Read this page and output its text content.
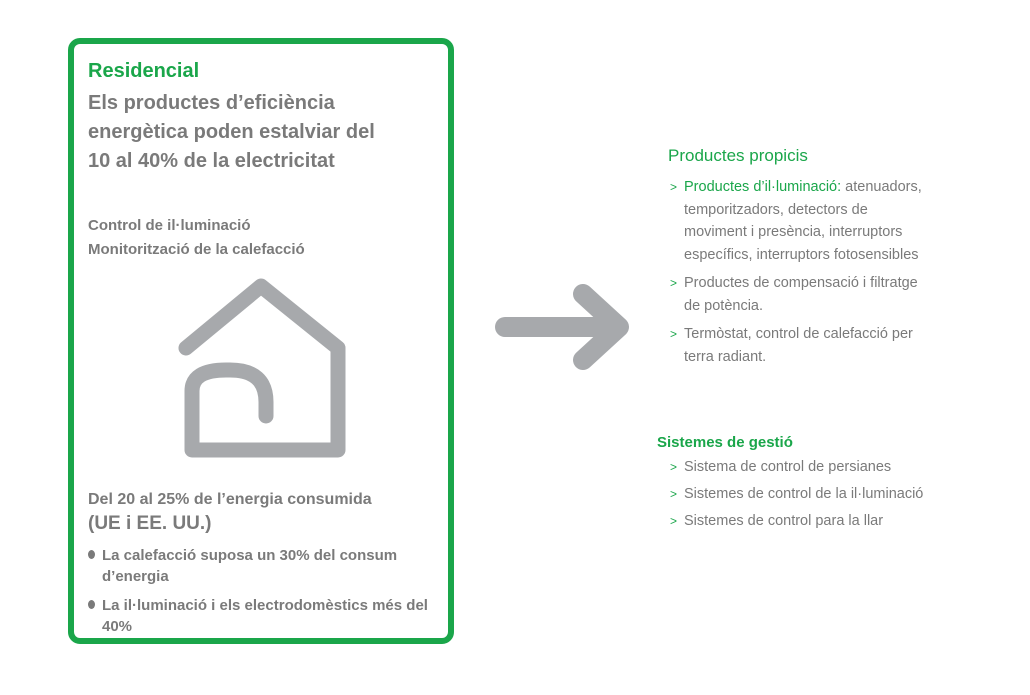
Residencial

Els productes d’eficiència energètica poden estalviar del 10 al 40% de la electricitat

Control de il·luminació
Monitorització de la calefacció
Del 20 al 25% de l’energia consumida
(UE i EE. UU.)
La calefacció suposa un 30% del consum d’energia
La il·luminació i els electrodomèstics més del 40%
Productes propicis
> Productes d’il·luminació: atenuadors, temporitzadors, detectors de moviment i presència, interruptors específics, interruptors fotosensibles
> Productes de compensació i filtratge de potència.
> Termòstat, control de calefacció per terra radiant.
Sistemes de gestió
> Sistema de control de persianes
> Sistemes de control de la il·luminació
> Sistemes de control para la llar
